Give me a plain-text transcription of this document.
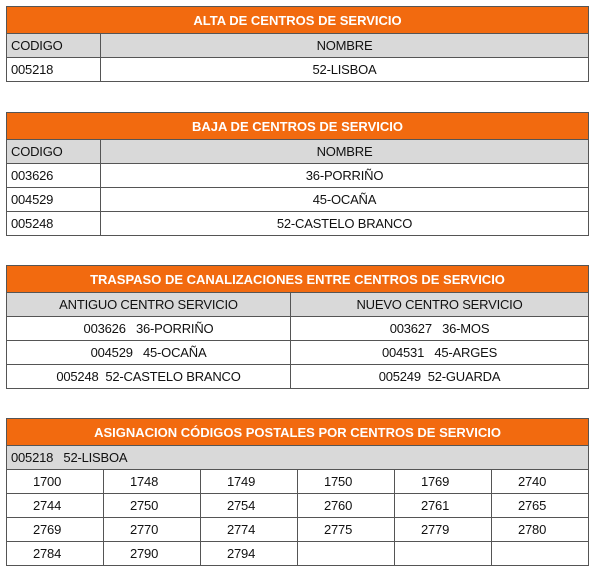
ALTA DE CENTROS DE SERVICIO	
CODIGO	NOMBRE
005218	52-LISBOA
BAJA DE CENTROS DE SERVICIO	
CODIGO	NOMBRE
003626	36-PORRIÑO
004529	45-OCAÑA
005248	52-CASTELO BRANCO
TRASPASO DE CANALIZACIONES ENTRE CENTROS DE SERVICIO	
ANTIGUO CENTRO SERVICIO	NUEVO CENTRO SERVICIO
003626   36-PORRIÑO	003627   36-MOS
004529   45-OCAÑA	004531   45-ARGES
005248  52-CASTELO BRANCO	005249  52-GUARDA
ASIGNACION CÓDIGOS POSTALES POR CENTROS DE SERVICIO					
005218   52-LISBOA					
1700	1748	1749	1750	1769	2740
2744	2750	2754	2760	2761	2765
2769	2770	2774	2775	2779	2780
2784	2790	2794			
